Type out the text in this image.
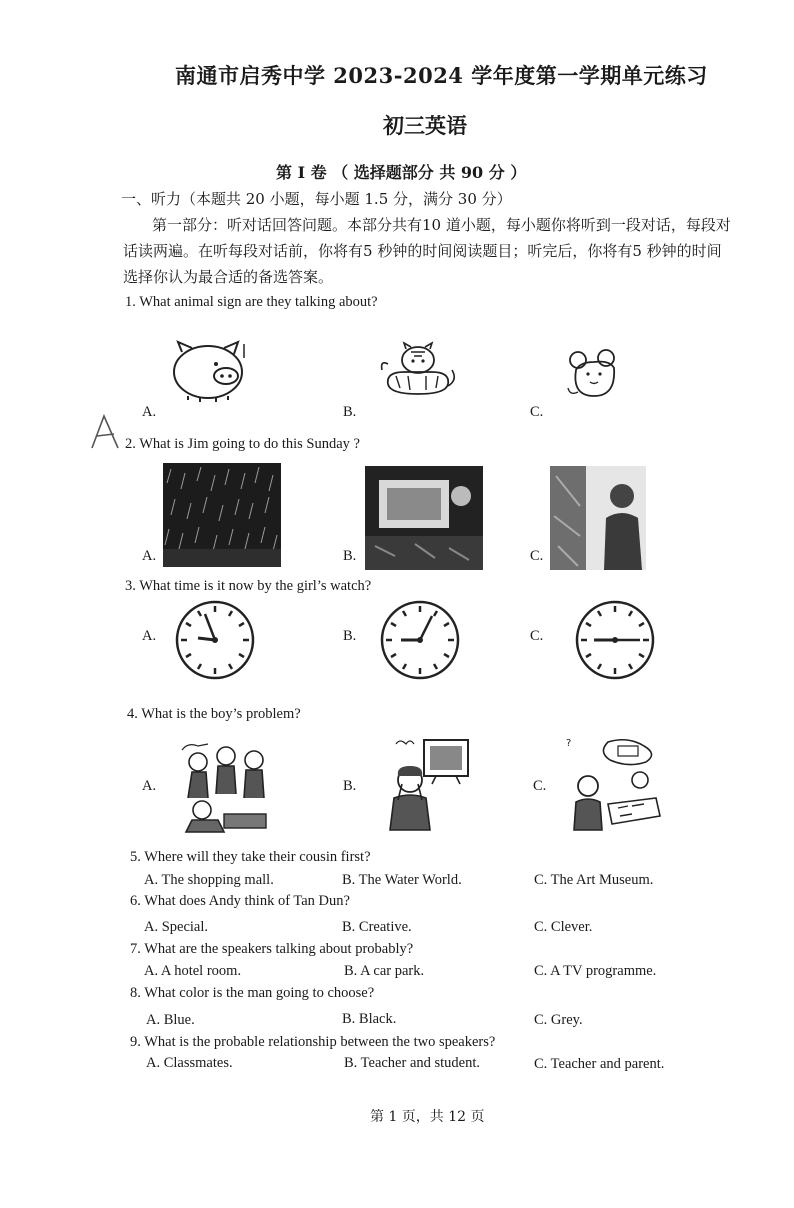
南通市启秀中学 2023-2024 学年度第一学期单元练习
初三英语
第 I 卷 （ 选择题部分 共 90 分 ）
一、听力（本题共 20 小题，每小题 1.5 分，满分 30 分）
第一部分：听对话回答问题。本部分共有10 道小题，每小题你将听到一段对话，每段对
话读两遍。在听每段对话前，你将有5 秒钟的时间阅读题目；听完后，你将有5 秒钟的时间
选择你认为最合适的备选答案。
1. What animal sign are they talking about?
A.	B.	C.
2. What is Jim going to do this Sunday ?
A.	B.	C.
3. What time is it now by the girl’s watch?
A.	B.	C.
4. What is the boy’s problem?
?
A.	B.	C.
5. Where will they take their cousin first?
A. The shopping mall.	B. The Water World.	C. The Art Museum.
6. What does Andy think of Tan Dun?
A. Special.	B. Creative.	C. Clever.
7. What are the speakers talking about probably?
A. A hotel room.	B. A car park.	C. A TV programme.
8. What color is the man going to choose?
A. Blue.	B. Black.	C. Grey.
9. What is the probable relationship between the two speakers?
A. Classmates.	B. Teacher and student.	C. Teacher and parent.
第 1 页，共 12 页
